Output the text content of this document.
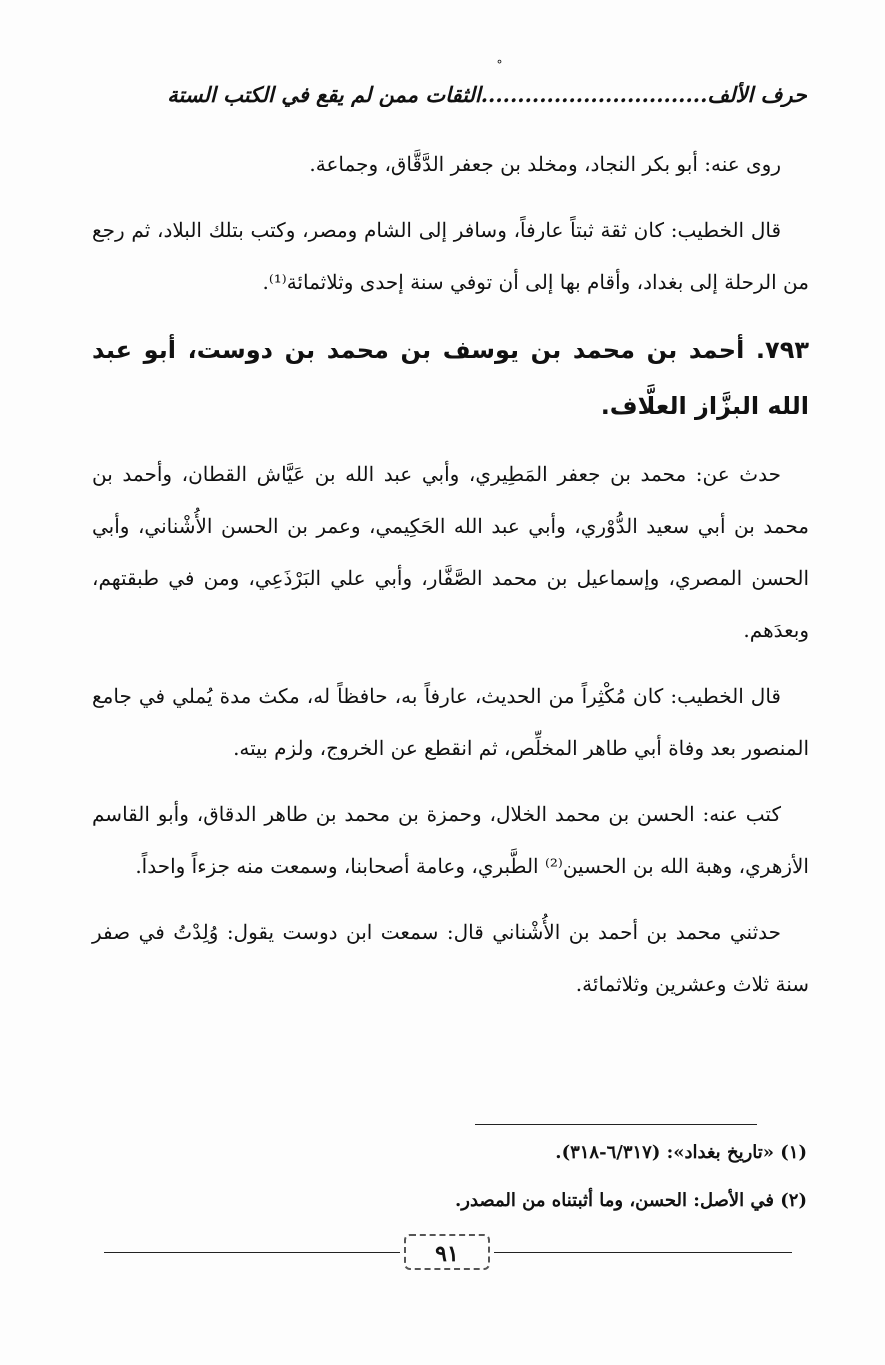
حرف الألف...............................الثقات ممن لم يقع في الكتب الستة

روى عنه: أبو بكر النجاد، ومخلد بن جعفر الدَّقَّاق، وجماعة.

قال الخطيب: كان ثقة ثبتاً عارفاً، وسافر إلى الشام ومصر، وكتب بتلك البلاد، ثم رجع من الرحلة إلى بغداد، وأقام بها إلى أن توفي سنة إحدى وثلاثمائة⁽¹⁾.

٧٩٣. أحمد بن محمد بن يوسف بن محمد بن دوست، أبو عبد الله البزَّاز العلَّاف.

حدث عن: محمد بن جعفر المَطِيري، وأبي عبد الله بن عَيَّاش القطان، وأحمد بن محمد بن أبي سعيد الدُّوْري، وأبي عبد الله الحَكِيمي، وعمر بن الحسن الأُشْناني، وأبي الحسن المصري، وإسماعيل بن محمد الصَّفَّار، وأبي علي البَرْذَعِي، ومن في طبقتهم، وبعدَهم.

قال الخطيب: كان مُكْثِراً من الحديث، عارفاً به، حافظاً له، مكث مدة يُملي في جامع المنصور بعد وفاة أبي طاهر المخلِّص، ثم انقطع عن الخروج، ولزم بيته.

كتب عنه: الحسن بن محمد الخلال، وحمزة بن محمد بن طاهر الدقاق، وأبو القاسم الأزهري، وهبة الله بن الحسين⁽²⁾ الطَّبري، وعامة أصحابنا، وسمعت منه جزءاً واحداً.

حدثني محمد بن أحمد بن الأُشْناني قال: سمعت ابن دوست يقول: وُلِدْتُ في صفر سنة ثلاث وعشرين وثلاثمائة.

(١) «تاريخ بغداد»: (٦/٣١٧-٣١٨).
(٢) في الأصل: الحسن، وما أثبتناه من المصدر.
٩١
